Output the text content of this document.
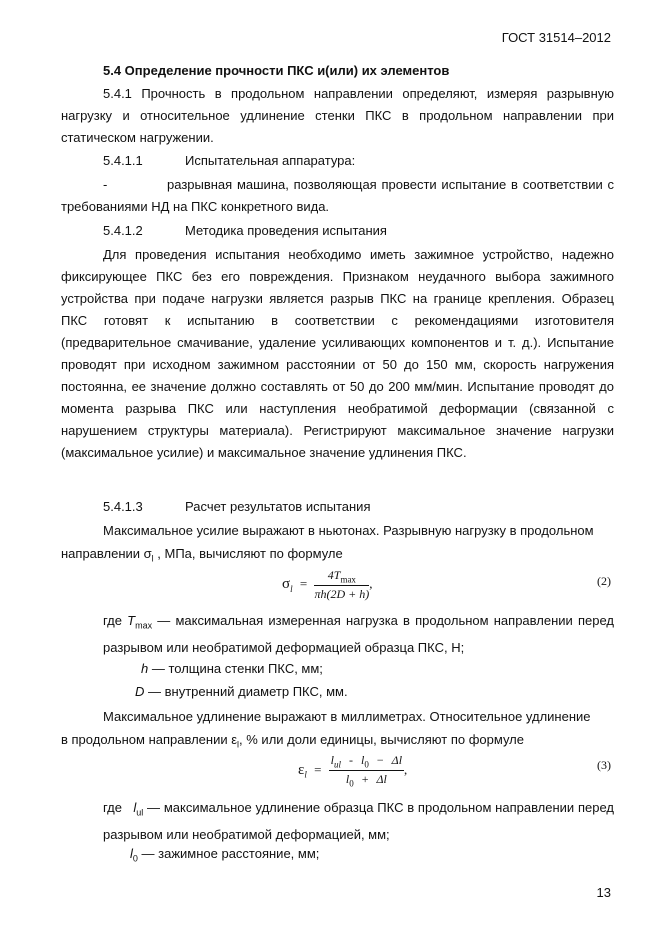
ГОСТ 31514–2012
5.4 Определение прочности ПКС и(или) их элементов
5.4.1 Прочность в продольном направлении определяют, измеряя разрывную нагрузку и относительное удлинение стенки ПКС в продольном направлении при статическом нагружении.
5.4.1.1	Испытательная аппаратура:
-	разрывная машина, позволяющая провести испытание в соответствии с требованиями НД на ПКС конкретного вида.
5.4.1.2	Методика проведения испытания
Для проведения испытания необходимо иметь зажимное устройство, надежно фиксирующее ПКС без его повреждения. Признаком неудачного выбора зажимного устройства при подаче нагрузки является разрыв ПКС на границе крепления. Образец ПКС готовят к испытанию в соответствии с рекомендациями изготовителя (предварительное смачивание, удаление усиливающих компонентов и т. д.). Испытание проводят при исходном зажимном расстоянии от 50 до 150 мм, скорость нагружения постоянна, ее значение должно составлять от 50 до 200 мм/мин. Испытание проводят до момента разрыва ПКС или наступления необратимой деформации (связанной с нарушением структуры материала). Регистрируют максимальное значение нагрузки (максимальное усилие) и максимальное значение удлинения ПКС.
5.4.1.3	Расчет результатов испытания
Максимальное усилие выражают в ньютонах. Разрывную нагрузку в продольном
направлении $\sigma_l$ , МПа, вычисляют по формуле
$\sigma_l = \frac{4T_{max}}{\pi h(2D + h)}$ ,	(2)
где $T_{max}$ — максимальная измеренная нагрузка в продольном направлении перед разрывом или необратимой деформацией образца ПКС, Н;
h — толщина стенки ПКС, мм;
D — внутренний диаметр ПКС, мм.
Максимальное удлинение выражают в миллиметрах. Относительное удлинение
в продольном направлении $\varepsilon_l$, % или доли единицы, вычисляют по формуле
$\varepsilon_l = \frac{l_{ul} - l_0 - \Delta l}{l_0 + \Delta l}$ ,	(3)
где $l_{ul}$ — максимальное удлинение образца ПКС в продольном направлении перед разрывом или необратимой деформацией, мм;
$l_0$ — зажимное расстояние, мм;
13
